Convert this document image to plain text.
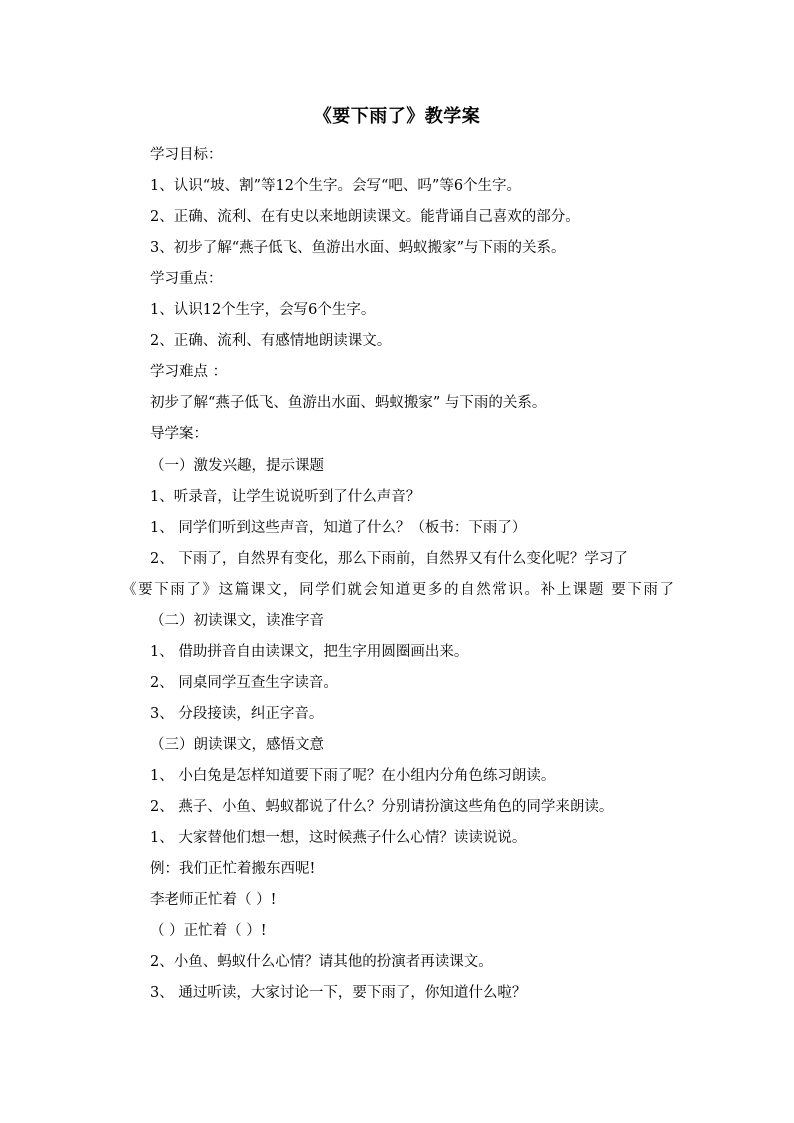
《要下雨了》教学案
学习目标：
1、认识“坡、割”等12个生字。会写“吧、吗”等6个生字。
2、正确、流利、在有史以来地朗读课文。能背诵自己喜欢的部分。
3、初步了解“燕子低飞、鱼游出水面、蚂蚁搬家”与下雨的关系。
学习重点：
1、认识12个生字，会写6个生字。
2、正确、流利、有感情地朗读课文。
学习难点 ：
初步了解“燕子低飞、鱼游出水面、蚂蚁搬家” 与下雨的关系。
导学案：
（一）激发兴趣，提示课题
1、听录音，让学生说说听到了什么声音？
1、 同学们听到这些声音，知道了什么？（板书：下雨了）
2、 下雨了，自然界有变化，那么下雨前，自然界又有什么变化呢？学习了
《要下雨了》这篇课文，同学们就会知道更多的自然常识。补上课题 要下雨了
（二）初读课文，读准字音
1、 借助拼音自由读课文，把生字用圆圈画出来。
2、 同桌同学互查生字读音。
3、 分段接读，纠正字音。
（三）朗读课文，感悟文意
1、 小白兔是怎样知道要下雨了呢？在小组内分角色练习朗读。
2、 燕子、小鱼、蚂蚁都说了什么？分别请扮演这些角色的同学来朗读。
1、 大家替他们想一想，这时候燕子什么心情？读读说说。
例：我们正忙着搬东西呢!
李老师正忙着（ ）!
（ ）正忙着（ ）!
2、小鱼、蚂蚁什么心情？请其他的扮演者再读课文。
3、 通过听读，大家讨论一下，要下雨了，你知道什么啦？
